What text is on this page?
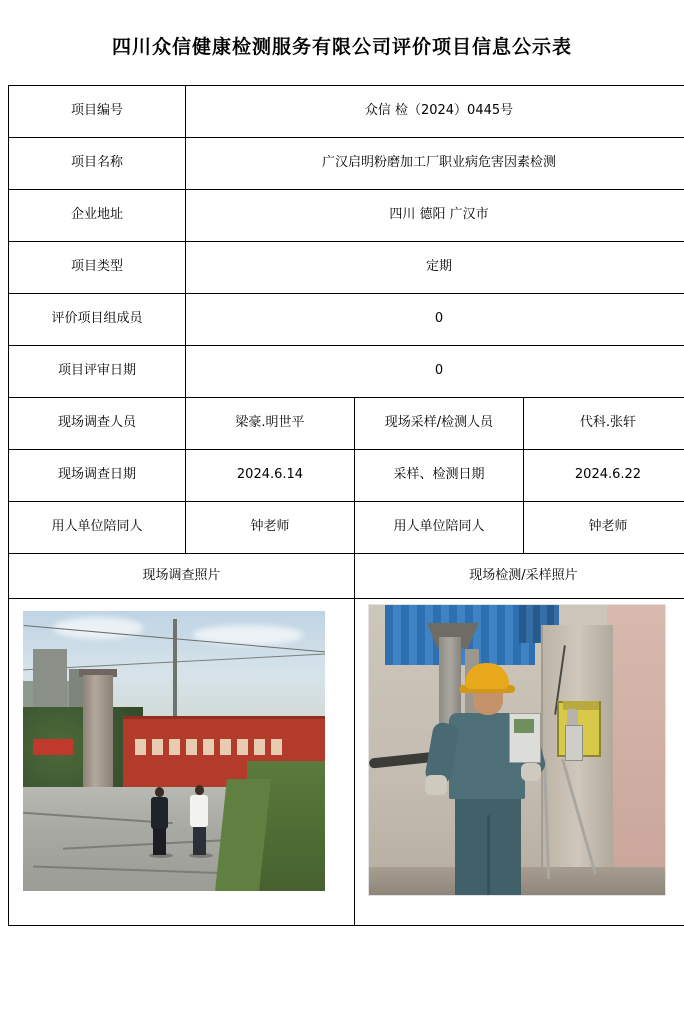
四川众信健康检测服务有限公司评价项目信息公示表
项目编号	众信 检（2024）0445号		
项目名称	广汉启明粉磨加工厂职业病危害因素检测		
企业地址	四川 德阳 广汉市		
项目类型	定期		
评价项目组成员	0		
项目评审日期	0		
现场调查人员	梁豪.明世平	现场采样/检测人员	代科.张轩
现场调查日期	2024.6.14	采样、检测日期	2024.6.22
用人单位陪同人	钟老师	用人单位陪同人	钟老师
现场调查照片		现场检测/采样照片	
